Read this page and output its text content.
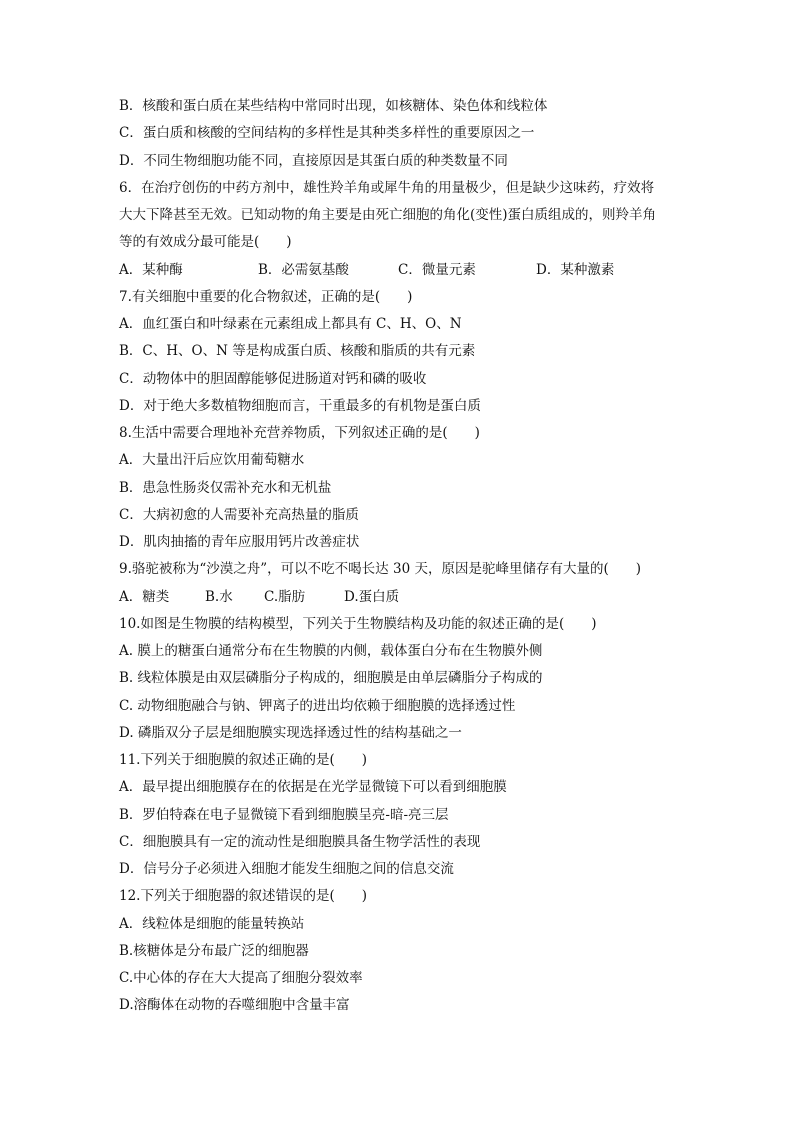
B．核酸和蛋白质在某些结构中常同时出现，如核糖体、染色体和线粒体
C．蛋白质和核酸的空间结构的多样性是其种类多样性的重要原因之一
D．不同生物细胞功能不同，直接原因是其蛋白质的种类数量不同
6．在治疗创伤的中药方剂中，雄性羚羊角或犀牛角的用量极少，但是缺少这味药，疗效将
大大下降甚至无效。已知动物的角主要是由死亡细胞的角化(变性)蛋白质组成的，则羚羊角
等的有效成分最可能是(　　)
A．某种酶	B．必需氨基酸	C．微量元素	D．某种激素
7.有关细胞中重要的化合物叙述，正确的是(　　)
A．血红蛋白和叶绿素在元素组成上都具有 C、H、O、N
B．C、H、O、N 等是构成蛋白质、核酸和脂质的共有元素
C．动物体中的胆固醇能够促进肠道对钙和磷的吸收
D．对于绝大多数植物细胞而言，干重最多的有机物是蛋白质
8.生活中需要合理地补充营养物质，下列叙述正确的是(　　)
A．大量出汗后应饮用葡萄糖水
B．患急性肠炎仅需补充水和无机盐
C．大病初愈的人需要补充高热量的脂质
D．肌肉抽搐的青年应服用钙片改善症状
9.骆驼被称为“沙漠之舟”，可以不吃不喝长达 30 天，原因是驼峰里储存有大量的(　　)
A．糖类	B.水	C.脂肪	D.蛋白质
10.如图是生物膜的结构模型，下列关于生物膜结构及功能的叙述正确的是(　　)
A. 膜上的糖蛋白通常分布在生物膜的内侧，载体蛋白分布在生物膜外侧
B. 线粒体膜是由双层磷脂分子构成的，细胞膜是由单层磷脂分子构成的
C. 动物细胞融合与钠、钾离子的进出均依赖于细胞膜的选择透过性
D. 磷脂双分子层是细胞膜实现选择透过性的结构基础之一
11.下列关于细胞膜的叙述正确的是(　　)
A．最早提出细胞膜存在的依据是在光学显微镜下可以看到细胞膜
B．罗伯特森在电子显微镜下看到细胞膜呈亮-暗-亮三层
C．细胞膜具有一定的流动性是细胞膜具备生物学活性的表现
D．信号分子必须进入细胞才能发生细胞之间的信息交流
12.下列关于细胞器的叙述错误的是(　　)
A．线粒体是细胞的能量转换站
B.核糖体是分布最广泛的细胞器
C.中心体的存在大大提高了细胞分裂效率
D.溶酶体在动物的吞噬细胞中含量丰富
